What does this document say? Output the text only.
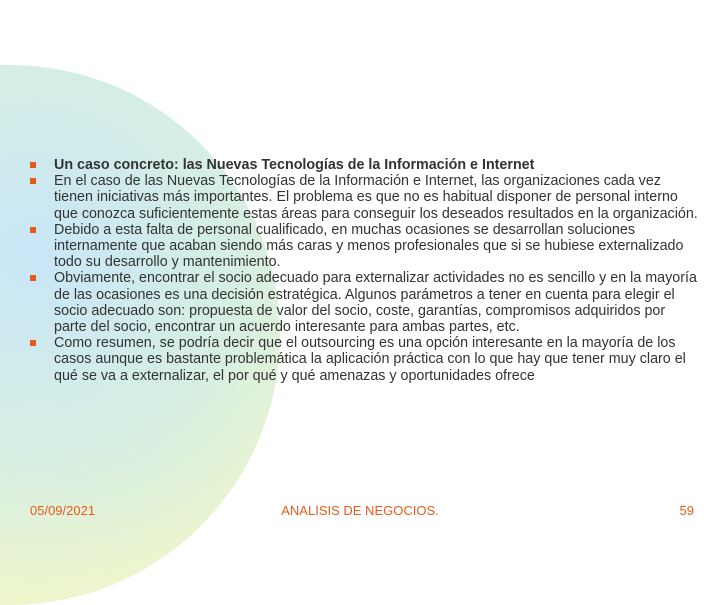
Un caso concreto: las Nuevas Tecnologías de la Información e Internet
En el caso de las Nuevas Tecnologías de la Información e Internet, las organizaciones cada vez tienen iniciativas más importantes. El problema es que no es habitual disponer de personal interno que conozca suficientemente estas áreas para conseguir los deseados resultados en la organización.
Debido a esta falta de personal cualificado, en muchas ocasiones se desarrollan soluciones internamente que acaban siendo más caras y menos profesionales que si se hubiese externalizado todo su desarrollo y mantenimiento.
Obviamente, encontrar el socio adecuado para externalizar actividades no es sencillo y en la mayoría de las ocasiones es una decisión estratégica. Algunos parámetros a tener en cuenta para elegir el socio adecuado son: propuesta de valor del socio, coste, garantías, compromisos adquiridos por parte del socio, encontrar un acuerdo interesante para ambas partes, etc.
Como resumen, se podría decir que el outsourcing es una opción interesante en la mayoría de los casos aunque es bastante problemática la aplicación práctica con lo que hay que tener muy claro el qué se va a externalizar, el por qué y qué amenazas y oportunidades ofrece
05/09/2021	ANALISIS DE NEGOCIOS.	59
